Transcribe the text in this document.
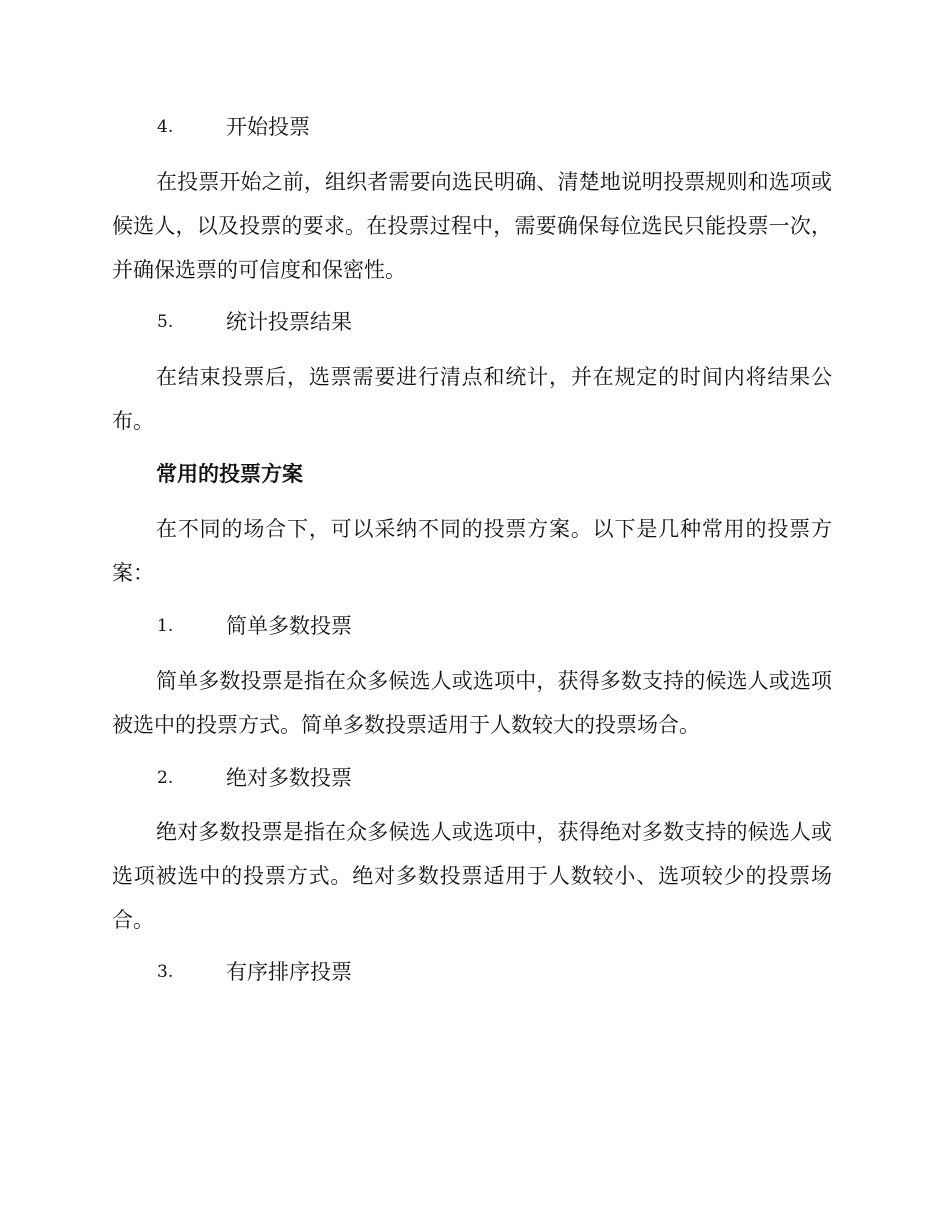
4.	开始投票

在投票开始之前，组织者需要向选民明确、清楚地说明投票规则和选项或候选人，以及投票的要求。在投票过程中，需要确保每位选民只能投票一次，并确保选票的可信度和保密性。

5.	统计投票结果

在结束投票后，选票需要进行清点和统计，并在规定的时间内将结果公布。

常用的投票方案

在不同的场合下，可以采纳不同的投票方案。以下是几种常用的投票方案：

1.	简单多数投票

简单多数投票是指在众多候选人或选项中，获得多数支持的候选人或选项被选中的投票方式。简单多数投票适用于人数较大的投票场合。

2.	绝对多数投票

绝对多数投票是指在众多候选人或选项中，获得绝对多数支持的候选人或选项被选中的投票方式。绝对多数投票适用于人数较小、选项较少的投票场合。

3.	有序排序投票
